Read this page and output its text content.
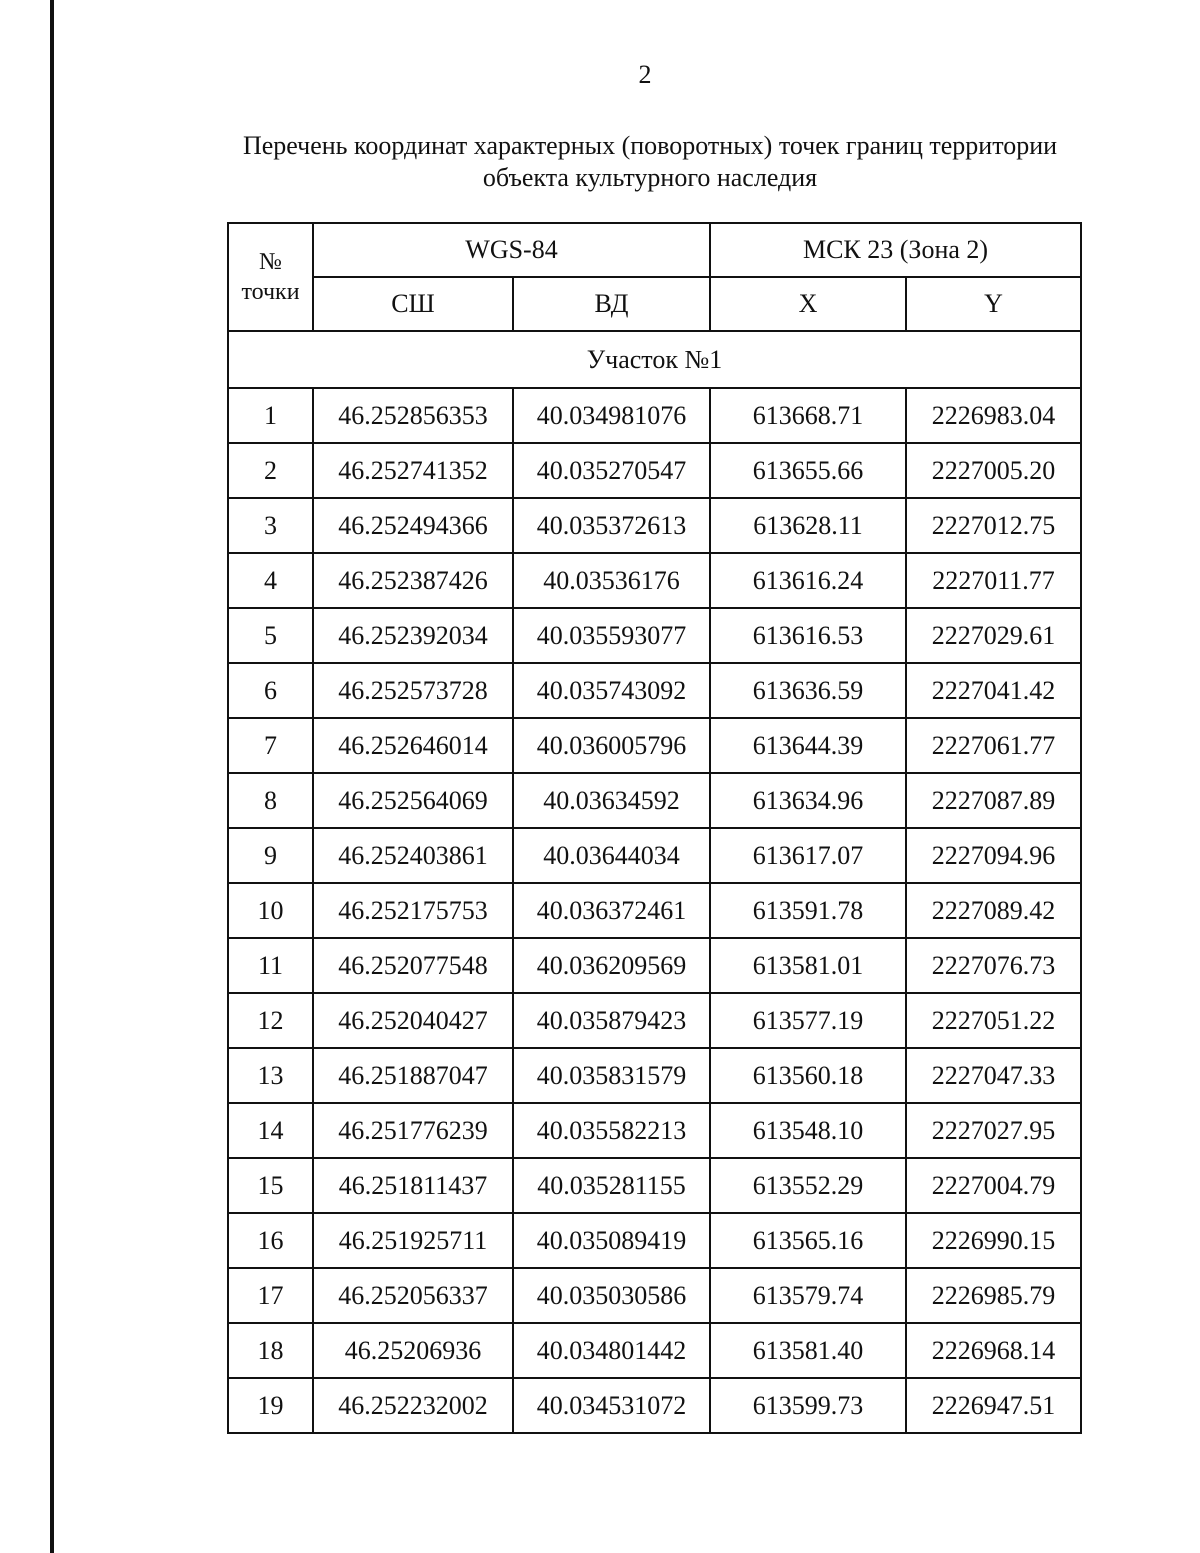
2
Перечень координат характерных (поворотных) точек границ территории
объекта культурного наследия
№
точки	WGS-84		МСК 23 (Зона 2)	
	СШ	ВД	X	Y
Участок №1				
1	46.252856353	40.034981076	613668.71	2226983.04
2	46.252741352	40.035270547	613655.66	2227005.20
3	46.252494366	40.035372613	613628.11	2227012.75
4	46.252387426	40.03536176	613616.24	2227011.77
5	46.252392034	40.035593077	613616.53	2227029.61
6	46.252573728	40.035743092	613636.59	2227041.42
7	46.252646014	40.036005796	613644.39	2227061.77
8	46.252564069	40.03634592	613634.96	2227087.89
9	46.252403861	40.03644034	613617.07	2227094.96
10	46.252175753	40.036372461	613591.78	2227089.42
11	46.252077548	40.036209569	613581.01	2227076.73
12	46.252040427	40.035879423	613577.19	2227051.22
13	46.251887047	40.035831579	613560.18	2227047.33
14	46.251776239	40.035582213	613548.10	2227027.95
15	46.251811437	40.035281155	613552.29	2227004.79
16	46.251925711	40.035089419	613565.16	2226990.15
17	46.252056337	40.035030586	613579.74	2226985.79
18	46.25206936	40.034801442	613581.40	2226968.14
19	46.252232002	40.034531072	613599.73	2226947.51
